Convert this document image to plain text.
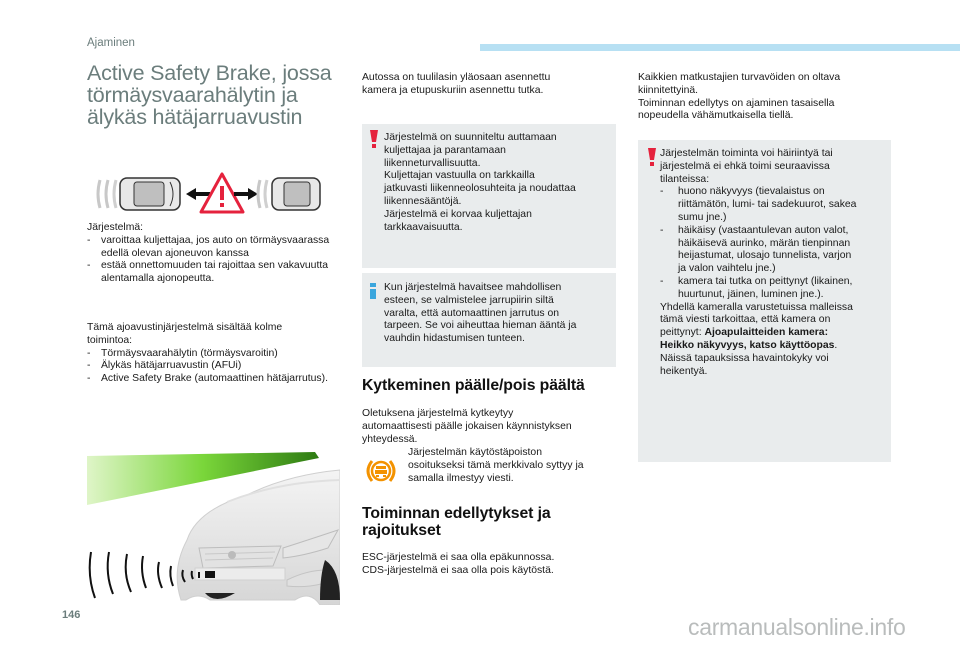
Ajaminen
Active Safety Brake, jossa
törmäysvaarahälytin ja
älykäs hätäjarruavustin
Järjestelmä:
-	varoittaa kuljettajaa, jos auto on törmäysvaarassa edellä olevan ajoneuvon kanssa
-	estää onnettomuuden tai rajoittaa sen vakavuutta alentamalla ajonopeutta.
Tämä ajoavustinjärjestelmä sisältää kolme
toimintoa:
-	Törmäysvaarahälytin (törmäysvaroitin)
-	Älykäs hätäjarruavustin (AFUi)
-	Active Safety Brake (automaattinen hätäjarrutus).
Autossa on tuulilasin yläosaan asennettu
kamera ja etupuskuriin asennettu tutka.
Järjestelmä on suunniteltu auttamaan
kuljettajaa ja parantamaan
liikenneturvallisuutta.
Kuljettajan vastuulla on tarkkailla
jatkuvasti liikenneolosuhteita ja noudattaa
liikennesääntöjä.
Järjestelmä ei korvaa kuljettajan
tarkkaavaisuutta.
Kun järjestelmä havaitsee mahdollisen
esteen, se valmistelee jarrupiirin siltä
varalta, että automaattinen jarrutus on
tarpeen. Se voi aiheuttaa hieman ääntä ja
vauhdin hidastumisen tunteen.
Kytkeminen päälle/pois päältä
Oletuksena järjestelmä kytkeytyy
automaattisesti päälle jokaisen käynnistyksen
yhteydessä.
Järjestelmän käytöstäpoiston
osoitukseksi tämä merkkivalo syttyy ja
samalla ilmestyy viesti.
Toiminnan edellytykset ja
rajoitukset
ESC-järjestelmä ei saa olla epäkunnossa.
CDS-järjestelmä ei saa olla pois käytöstä.
Kaikkien matkustajien turvavöiden on oltava
kiinnitettyinä.
Toiminnan edellytys on ajaminen tasaisella
nopeudella vähämutkaisella tiellä.
Järjestelmän toiminta voi häiriintyä tai
järjestelmä ei ehkä toimi seuraavissa
tilanteissa:
-	huono näkyvyys (tievalaistus on
riittämätön, lumi- tai sadekuurot, sakea
sumu jne.)
-	häikäisy (vastaantulevan auton valot,
häikäisevä aurinko, märän tienpinnan
heijastumat, ulosajo tunnelista, varjon
ja valon vaihtelu jne.)
-	kamera tai tutka on peittynyt (likainen,
huurtunut, jäinen, luminen jne.).
Yhdellä kameralla varustetuissa malleissa
tämä viesti tarkoittaa, että kamera on
peittynyt: Ajoapulaitteiden kamera:
Heikko näkyvyys, katso käyttöopas.
Näissä tapauksissa havaintokyky voi
heikentyä.
146	carmanualsonline.info
